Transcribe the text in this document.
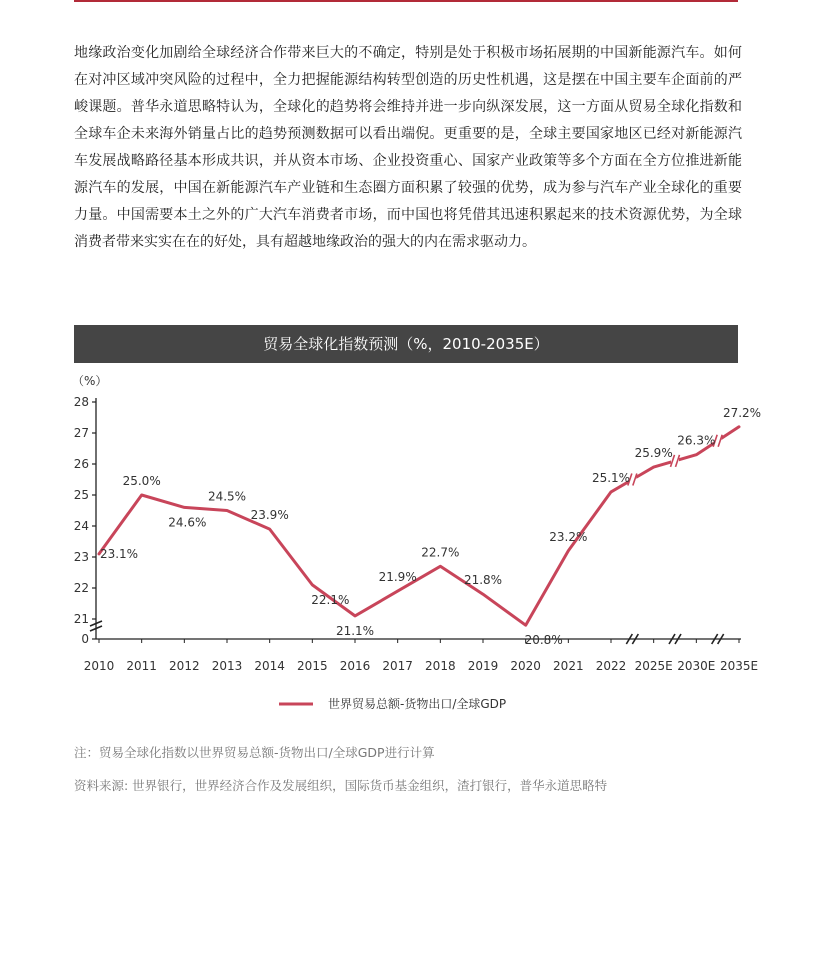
地缘政治变化加剧给全球经济合作带来巨大的不确定，特别是处于积极市场拓展期的中国新能源汽车。如何在对冲区域冲突风险的过程中，全力把握能源结构转型创造的历史性机遇，这是摆在中国主要车企面前的严峻课题。普华永道思略特认为，全球化的趋势将会维持并进一步向纵深发展，这一方面从贸易全球化指数和全球车企未来海外销量占比的趋势预测数据可以看出端倪。更重要的是，全球主要国家地区已经对新能源汽车发展战略路径基本形成共识，并从资本市场、企业投资重心、国家产业政策等多个方面在全方位推进新能源汽车的发展，中国在新能源汽车产业链和生态圈方面积累了较强的优势，成为参与汽车产业全球化的重要力量。中国需要本土之外的广大汽车消费者市场，而中国也将凭借其迅速积累起来的技术资源优势，为全球消费者带来实实在在的好处，具有超越地缘政治的强大的内在需求驱动力。

贸易全球化指数预测（%，2010-2035E）
（%）
0
21
22
23
24
25
26
27
28
2010 2011 2012 2013 2014 2015 2016 2017 2018 2019 2020 2021 2022 2025E 2030E 2035E
23.1%
25.0%
24.6%
24.5%
23.9%
22.1%
21.1%
21.9%
22.7%
21.8%
20.8%
23.2%
25.1%
25.9%
26.3%
27.2%
世界贸易总额-货物出口/全球GDP

注：贸易全球化指数以世界贸易总额-货物出口/全球GDP进行计算

资料来源: 世界银行，世界经济合作及发展组织，国际货币基金组织，渣打银行，普华永道思略特
